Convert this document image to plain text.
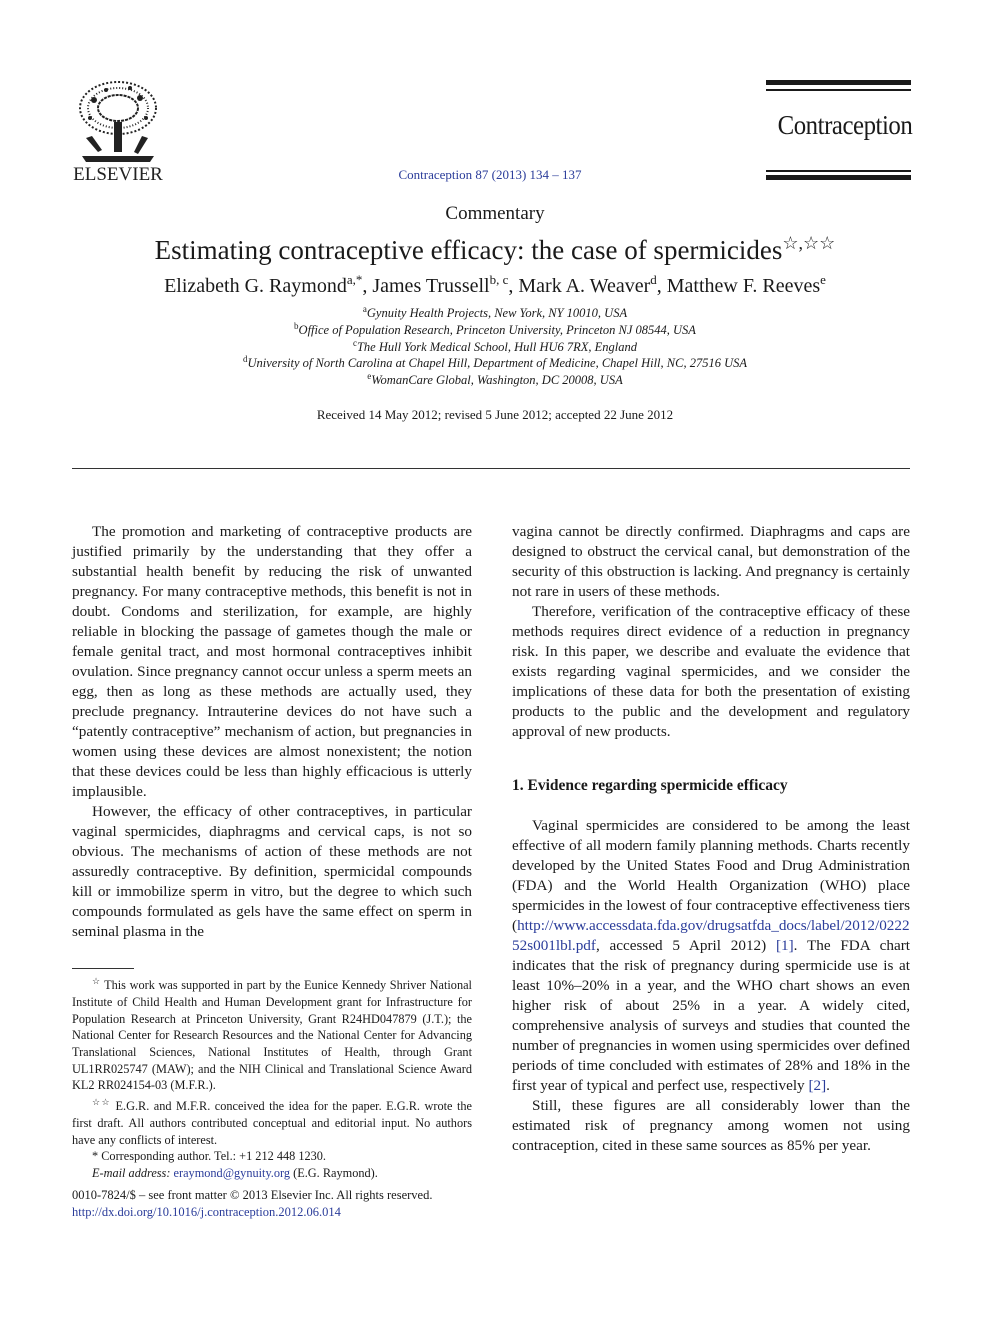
ELSEVIER	Contraception 87 (2013) 134 – 137
Contraception
Commentary
Estimating contraceptive efficacy: the case of spermicides☆,☆☆
Elizabeth G. Raymond$^{a,*}$, James Trussell$^{b, c}$, Mark A. Weaver$^d$, Matthew F. Reeves$^e$
$^a$Gynuity Health Projects, New York, NY 10010, USA
$^b$Office of Population Research, Princeton University, Princeton NJ 08544, USA
$^c$The Hull York Medical School, Hull HU6 7RX, England
$^d$University of North Carolina at Chapel Hill, Department of Medicine, Chapel Hill, NC, 27516 USA
$^e$WomanCare Global, Washington, DC 20008, USA
Received 14 May 2012; revised 5 June 2012; accepted 22 June 2012

The promotion and marketing of contraceptive products are justified primarily by the understanding that they offer a substantial health benefit by reducing the risk of unwanted pregnancy. For many contraceptive methods, this benefit is not in doubt. Condoms and sterilization, for example, are highly reliable in blocking the passage of gametes though the male or female genital tract, and most hormonal contraceptives inhibit ovulation. Since pregnancy cannot occur unless a sperm meets an egg, then as long as these methods are actually used, they preclude pregnancy. Intrauterine devices do not have such a “patently contraceptive” mechanism of action, but pregnancies in women using these devices are almost nonexistent; the notion that these devices could be less than highly efficacious is utterly implausible.

However, the efficacy of other contraceptives, in particular vaginal spermicides, diaphragms and cervical caps, is not so obvious. The mechanisms of action of these methods are not assuredly contraceptive. By definition, spermicidal compounds kill or immobilize sperm in vitro, but the degree to which such compounds formulated as gels have the same effect on sperm in seminal plasma in the

vagina cannot be directly confirmed. Diaphragms and caps are designed to obstruct the cervical canal, but demonstration of the security of this obstruction is lacking. And pregnancy is certainly not rare in users of these methods.

Therefore, verification of the contraceptive efficacy of these methods requires direct evidence of a reduction in pregnancy risk. In this paper, we describe and evaluate the evidence that exists regarding vaginal spermicides, and we consider the implications of these data for both the presentation of existing products to the public and the development and regulatory approval of new products.

1. Evidence regarding spermicide efficacy

Vaginal spermicides are considered to be among the least effective of all modern family planning methods. Charts recently developed by the United States Food and Drug Administration (FDA) and the World Health Organization (WHO) place spermicides in the lowest of four contraceptive effectiveness tiers (http://www.accessdata.fda.gov/drugsatfda_docs/label/2012/022252s001lbl.pdf, accessed 5 April 2012) [1]. The FDA chart indicates that the risk of pregnancy during spermicide use is at least 10%–20% in a year, and the WHO chart shows an even higher risk of about 25% in a year. A widely cited, comprehensive analysis of surveys and studies that counted the number of pregnancies in women using spermicides over defined periods of time concluded with estimates of 28% and 18% in the first year of typical and perfect use, respectively [2].

Still, these figures are all considerably lower than the estimated risk of pregnancy among women not using contraception, cited in these same sources as 85% per year.

☆ This work was supported in part by the Eunice Kennedy Shriver National Institute of Child Health and Human Development grant for Infrastructure for Population Research at Princeton University, Grant R24HD047879 (J.T.); the National Center for Research Resources and the National Center for Advancing Translational Sciences, National Institutes of Health, through Grant UL1RR025747 (MAW); and the NIH Clinical and Translational Science Award KL2 RR024154-03 (M.F.R.).

☆☆ E.G.R. and M.F.R. conceived the idea for the paper. E.G.R. wrote the first draft. All authors contributed conceptual and editorial input. No authors have any conflicts of interest.

* Corresponding author. Tel.: +1 212 448 1230.

E-mail address: eraymond@gynuity.org (E.G. Raymond).

0010-7824/$ – see front matter © 2013 Elsevier Inc. All rights reserved.
http://dx.doi.org/10.1016/j.contraception.2012.06.014
